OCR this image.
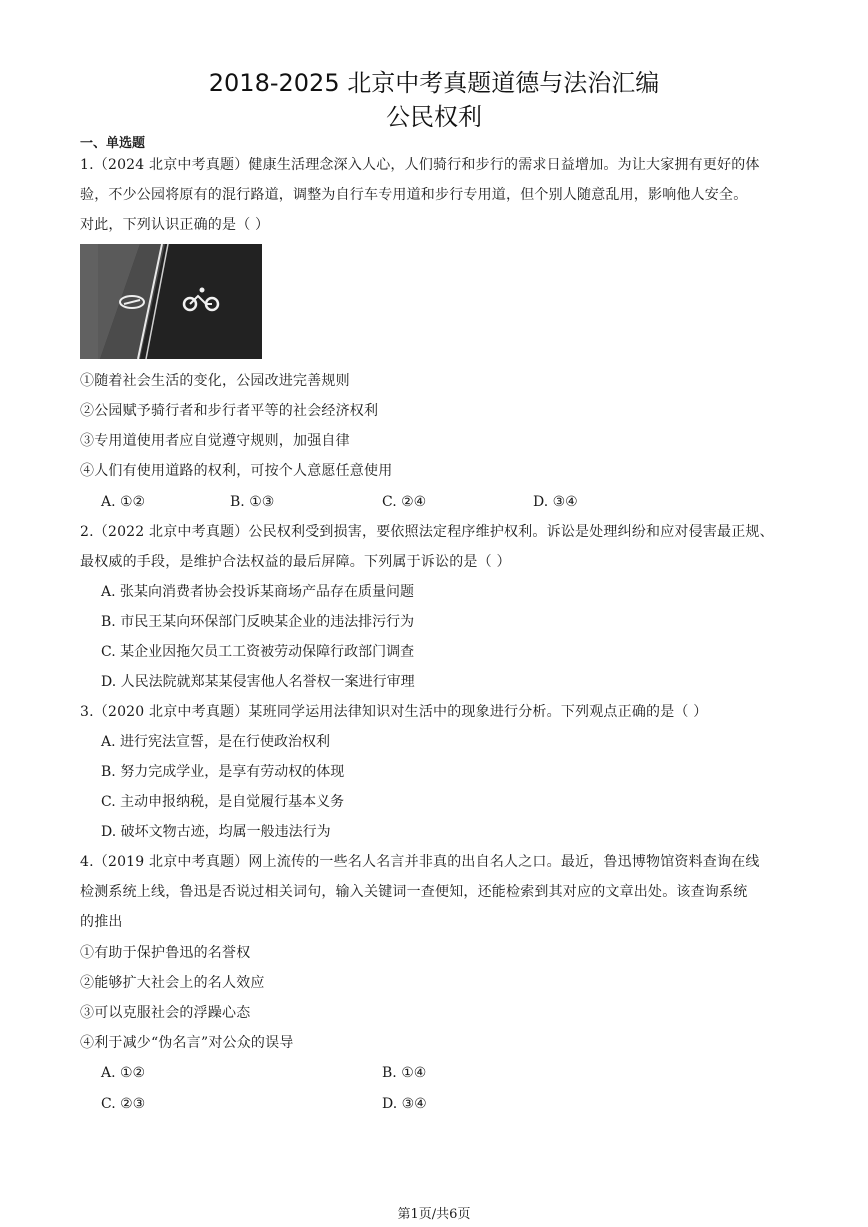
2018-2025 北京中考真题道德与法治汇编
公民权利
一、单选题
1.（2024 北京中考真题）健康生活理念深入人心，人们骑行和步行的需求日益增加。为让大家拥有更好的体
验，不少公园将原有的混行路道，调整为自行车专用道和步行专用道，但个别人随意乱用，影响他人安全。
对此，下列认识正确的是（ ）
①随着社会生活的变化，公园改进完善规则
②公园赋予骑行者和步行者平等的社会经济权利
③专用道使用者应自觉遵守规则，加强自律
④人们有使用道路的权利，可按个人意愿任意使用
A. ①②	B. ①③	C. ②④	D. ③④
2.（2022 北京中考真题）公民权利受到损害，要依照法定程序维护权利。诉讼是处理纠纷和应对侵害最正规、
最权威的手段，是维护合法权益的最后屏障。下列属于诉讼的是（ ）
A. 张某向消费者协会投诉某商场产品存在质量问题
B. 市民王某向环保部门反映某企业的违法排污行为
C. 某企业因拖欠员工工资被劳动保障行政部门调查
D. 人民法院就郑某某侵害他人名誉权一案进行审理
3.（2020 北京中考真题）某班同学运用法律知识对生活中的现象进行分析。下列观点正确的是（ ）
A. 进行宪法宣誓，是在行使政治权利
B. 努力完成学业，是享有劳动权的体现
C. 主动申报纳税，是自觉履行基本义务
D. 破坏文物古迹，均属一般违法行为
4.（2019 北京中考真题）网上流传的一些名人名言并非真的出自名人之口。最近，鲁迅博物馆资料查询在线
检测系统上线，鲁迅是否说过相关词句，输入关键词一查便知，还能检索到其对应的文章出处。该查询系统
的推出
①有助于保护鲁迅的名誉权
②能够扩大社会上的名人效应
③可以克服社会的浮躁心态
④利于减少“伪名言”对公众的误导
A. ①②	B. ①④
C. ②③	D. ③④
第1页/共6页
